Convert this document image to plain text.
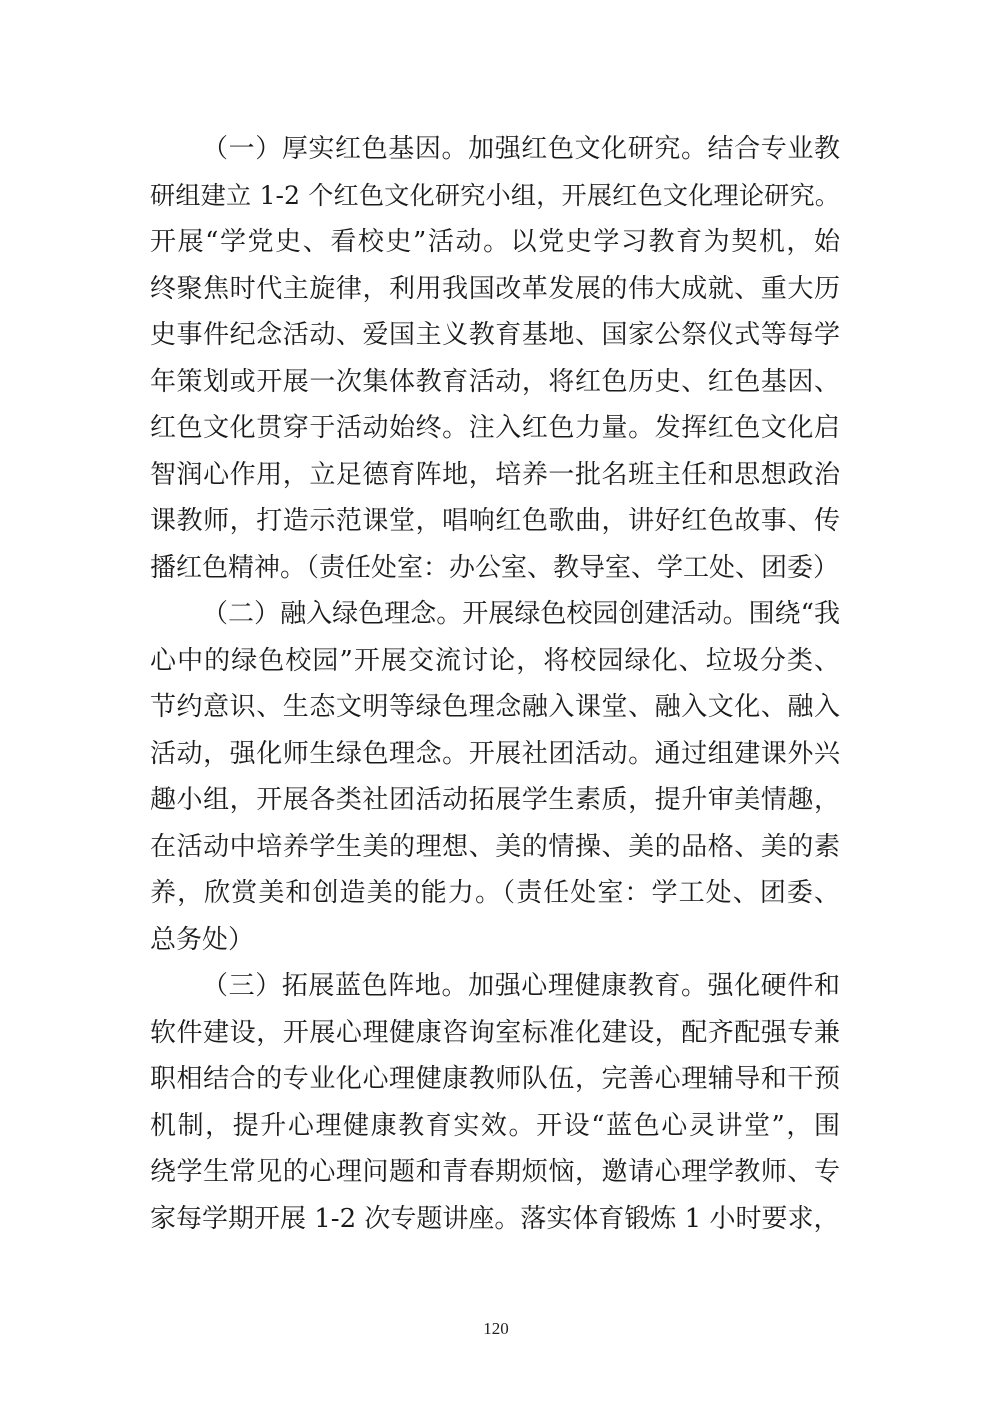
（一）厚实红色基因。加强红色文化研究。结合专业教
研组建立 1-2 个红色文化研究小组，开展红色文化理论研究。
开展“学党史、看校史”活动。以党史学习教育为契机，始
终聚焦时代主旋律，利用我国改革发展的伟大成就、重大历
史事件纪念活动、爱国主义教育基地、国家公祭仪式等每学
年策划或开展一次集体教育活动，将红色历史、红色基因、
红色文化贯穿于活动始终。注入红色力量。发挥红色文化启
智润心作用，立足德育阵地，培养一批名班主任和思想政治
课教师，打造示范课堂，唱响红色歌曲，讲好红色故事、传
播红色精神。（责任处室：办公室、教导室、学工处、团委）
（二）融入绿色理念。开展绿色校园创建活动。围绕“我
心中的绿色校园”开展交流讨论，将校园绿化、垃圾分类、
节约意识、生态文明等绿色理念融入课堂、融入文化、融入
活动，强化师生绿色理念。开展社团活动。通过组建课外兴
趣小组，开展各类社团活动拓展学生素质，提升审美情趣，
在活动中培养学生美的理想、美的情操、美的品格、美的素
养，欣赏美和创造美的能力。（责任处室：学工处、团委、
总务处）
（三）拓展蓝色阵地。加强心理健康教育。强化硬件和
软件建设，开展心理健康咨询室标准化建设，配齐配强专兼
职相结合的专业化心理健康教师队伍，完善心理辅导和干预
机制，提升心理健康教育实效。开设“蓝色心灵讲堂”，围
绕学生常见的心理问题和青春期烦恼，邀请心理学教师、专
家每学期开展 1-2 次专题讲座。落实体育锻炼 1 小时要求，
120
